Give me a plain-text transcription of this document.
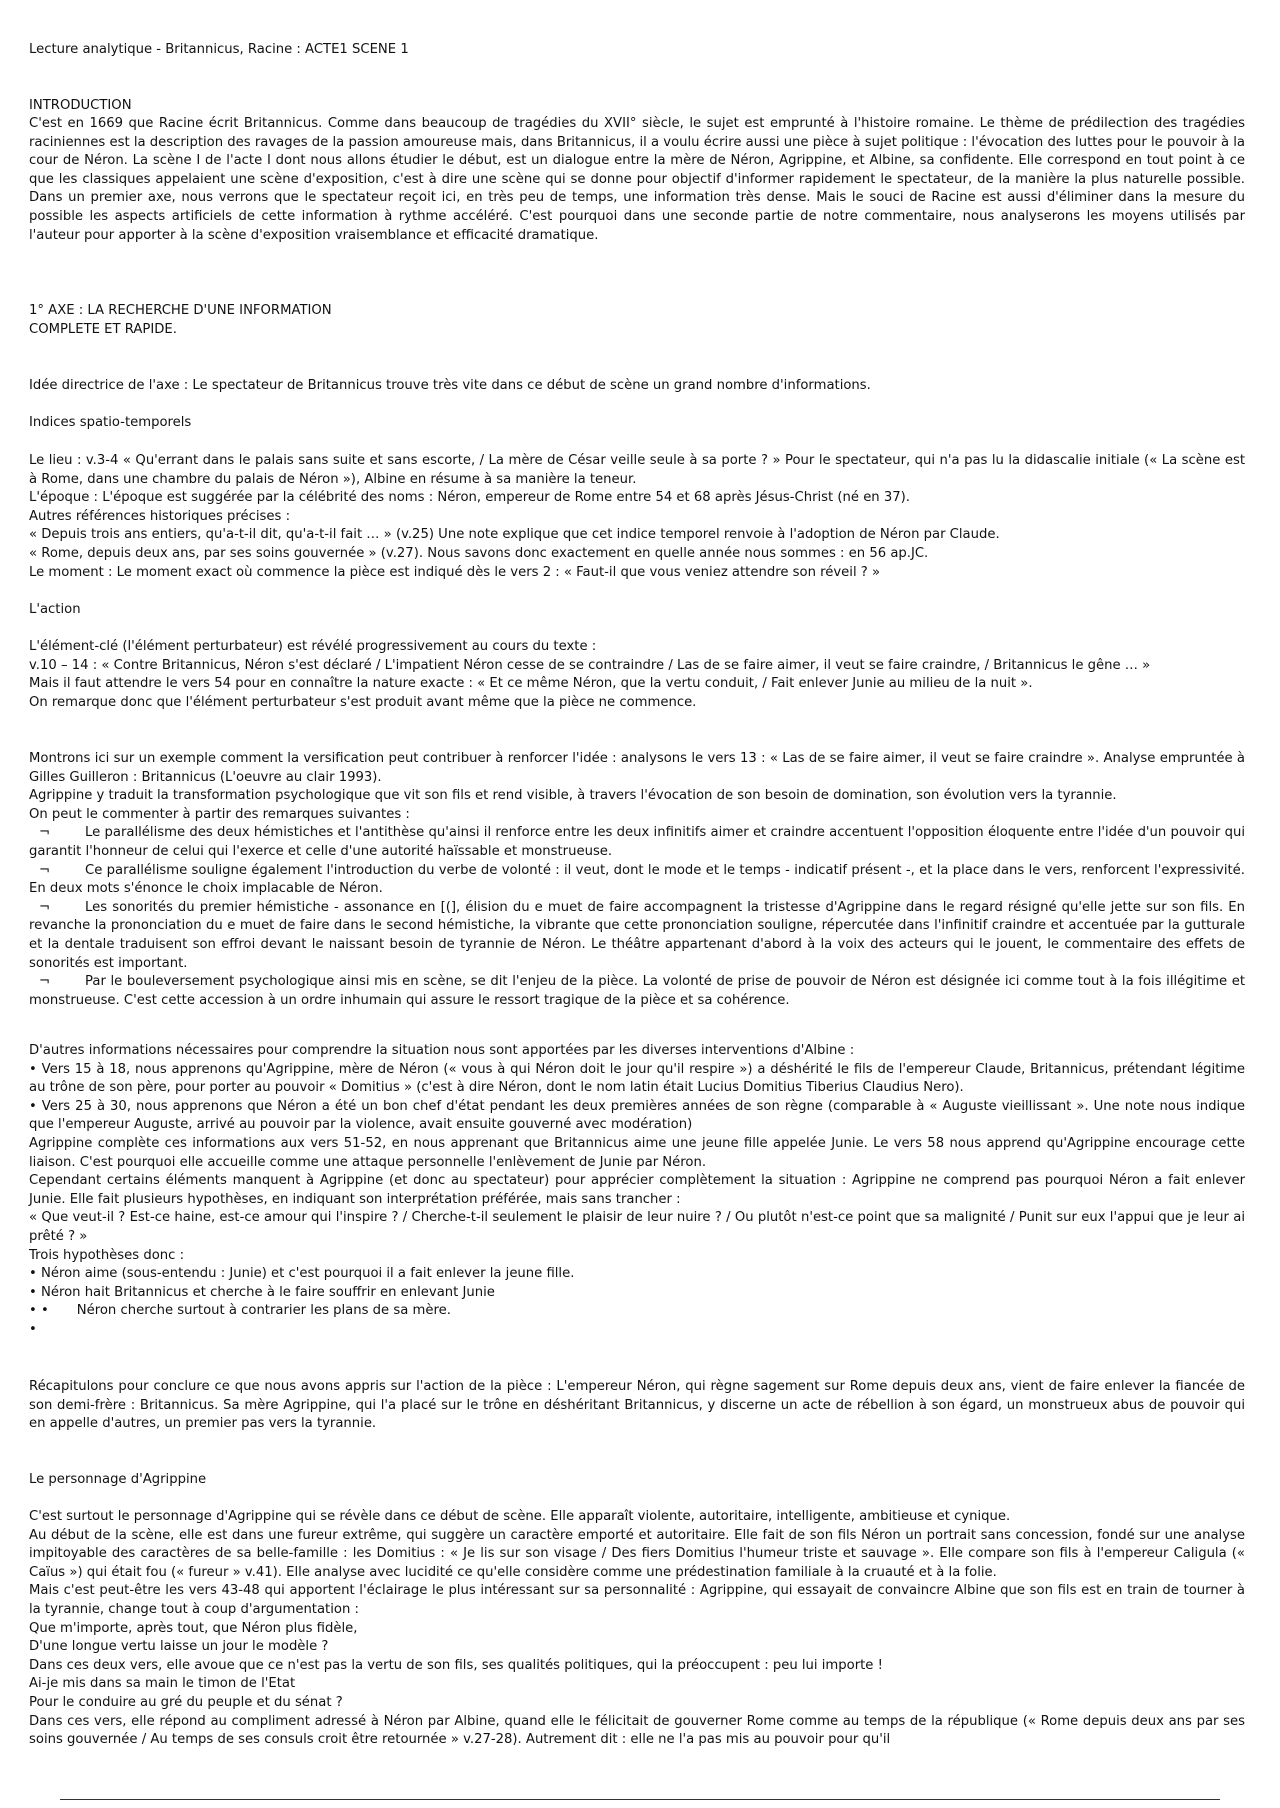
Lecture analytique - Britannicus, Racine : ACTE1 SCENE 1

INTRODUCTION

C'est en 1669 que Racine écrit Britannicus. Comme dans beaucoup de tragédies du XVII° siècle, le sujet est emprunté à l'histoire romaine. Le thème de prédilection des tragédies raciniennes est la description des ravages de la passion amoureuse mais, dans Britannicus, il a voulu écrire aussi une pièce à sujet politique : l'évocation des luttes pour le pouvoir à la cour de Néron. La scène I de l'acte I dont nous allons étudier le début, est un dialogue entre la mère de Néron, Agrippine, et Albine, sa confidente. Elle correspond en tout point à ce que les classiques appelaient une scène d'exposition, c'est à dire une scène qui se donne pour objectif d'informer rapidement le spectateur, de la manière la plus naturelle possible. Dans un premier axe, nous verrons que le spectateur reçoit ici, en très peu de temps, une information très dense. Mais le souci de Racine est aussi d'éliminer dans la mesure du possible les aspects artificiels de cette information à rythme accéléré. C'est pourquoi dans une seconde partie de notre commentaire, nous analyserons les moyens utilisés par l'auteur pour apporter à la scène d'exposition vraisemblance et efficacité dramatique.

1° AXE : LA RECHERCHE D'UNE INFORMATION
COMPLETE ET RAPIDE.

Idée directrice de l'axe : Le spectateur de Britannicus trouve très vite dans ce début de scène un grand nombre d'informations.

Indices spatio-temporels

Le lieu : v.3-4 « Qu'errant dans le palais sans suite et sans escorte, / La mère de César veille seule à sa porte ? » Pour le spectateur, qui n'a pas lu la didascalie initiale (« La scène est à Rome, dans une chambre du palais de Néron »), Albine en résume à sa manière la teneur.
L'époque : L'époque est suggérée par la célébrité des noms : Néron, empereur de Rome entre 54 et 68 après Jésus-Christ (né en 37).
Autres références historiques précises :
« Depuis trois ans entiers, qu'a-t-il dit, qu'a-t-il fait … » (v.25) Une note explique que cet indice temporel renvoie à l'adoption de Néron par Claude.
« Rome, depuis deux ans, par ses soins gouvernée » (v.27). Nous savons donc exactement en quelle année nous sommes : en 56 ap.JC.
Le moment : Le moment exact où commence la pièce est indiqué dès le vers 2 : « Faut-il que vous veniez attendre son réveil ? »

L'action

L'élément-clé (l'élément perturbateur) est révélé progressivement au cours du texte :
v.10 – 14 : « Contre Britannicus, Néron s'est déclaré / L'impatient Néron cesse de se contraindre / Las de se faire aimer, il veut se faire craindre, / Britannicus le gêne … »
Mais il faut attendre le vers 54 pour en connaître la nature exacte : « Et ce même Néron, que la vertu conduit, / Fait enlever Junie au milieu de la nuit ».
On remarque donc que l'élément perturbateur s'est produit avant même que la pièce ne commence.
Montrons ici sur un exemple comment la versification peut contribuer à renforcer l'idée : analysons le vers 13 : « Las de se faire aimer, il veut se faire craindre ». Analyse empruntée à Gilles Guilleron : Britannicus (L'oeuvre au clair 1993).
Agrippine y traduit la transformation psychologique que vit son fils et rend visible, à travers l'évocation de son besoin de domination, son évolution vers la tyrannie.
On peut le commenter à partir des remarques suivantes :
¬	Le parallélisme des deux hémistiches et l'antithèse qu'ainsi il renforce entre les deux infinitifs aimer et craindre accentuent l'opposition éloquente entre l'idée d'un pouvoir qui garantit l'honneur de celui qui l'exerce et celle d'une autorité haïssable et monstrueuse.
¬	Ce parallélisme souligne également l'introduction du verbe de volonté : il veut, dont le mode et le temps - indicatif présent -, et la place dans le vers, renforcent l'expressivité. En deux mots s'énonce le choix implacable de Néron.
¬	Les sonorités du premier hémistiche - assonance en [(], élision du e muet de faire accompagnent la tristesse d'Agrippine dans le regard résigné qu'elle jette sur son fils. En revanche la prononciation du e muet de faire dans le second hémistiche, la vibrante que cette prononciation souligne, répercutée dans l'infinitif craindre et accentuée par la gutturale et la dentale traduisent son effroi devant le naissant besoin de tyrannie de Néron. Le théâtre appartenant d'abord à la voix des acteurs qui le jouent, le commentaire des effets de sonorités est important.
¬	Par le bouleversement psychologique ainsi mis en scène, se dit l'enjeu de la pièce. La volonté de prise de pouvoir de Néron est désignée ici comme tout à la fois illégitime et monstrueuse. C'est cette accession à un ordre inhumain qui assure le ressort tragique de la pièce et sa cohérence.
D'autres informations nécessaires pour comprendre la situation nous sont apportées par les diverses interventions d'Albine :
• Vers 15 à 18, nous apprenons qu'Agrippine, mère de Néron (« vous à qui Néron doit le jour qu'il respire ») a déshérité le fils de l'empereur Claude, Britannicus, prétendant légitime au trône de son père, pour porter au pouvoir « Domitius » (c'est à dire Néron, dont le nom latin était Lucius Domitius Tiberius Claudius Nero).
• Vers 25 à 30, nous apprenons que Néron a été un bon chef d'état pendant les deux premières années de son règne (comparable à « Auguste vieillissant ». Une note nous indique que l'empereur Auguste, arrivé au pouvoir par la violence, avait ensuite gouverné avec modération)
Agrippine complète ces informations aux vers 51-52, en nous apprenant que Britannicus aime une jeune fille appelée Junie. Le vers 58 nous apprend qu'Agrippine encourage cette liaison. C'est pourquoi elle accueille comme une attaque personnelle l'enlèvement de Junie par Néron.
Cependant certains éléments manquent à Agrippine (et donc au spectateur) pour apprécier complètement la situation : Agrippine ne comprend pas pourquoi Néron a fait enlever Junie. Elle fait plusieurs hypothèses, en indiquant son interprétation préférée, mais sans trancher :
« Que veut-il ? Est-ce haine, est-ce amour qui l'inspire ? / Cherche-t-il seulement le plaisir de leur nuire ? / Ou plutôt n'est-ce point que sa malignité / Punit sur eux l'appui que je leur ai prêté ? »
Trois hypothèses donc :
• Néron aime (sous-entendu : Junie) et c'est pourquoi il a fait enlever la jeune fille.
• Néron hait Britannicus et cherche à le faire souffrir en enlevant Junie
• • Néron cherche surtout à contrarier les plans de sa mère.
•

Récapitulons pour conclure ce que nous avons appris sur l'action de la pièce : L'empereur Néron, qui règne sagement sur Rome depuis deux ans, vient de faire enlever la fiancée de son demi-frère : Britannicus. Sa mère Agrippine, qui l'a placé sur le trône en déshéritant Britannicus, y discerne un acte de rébellion à son égard, un monstrueux abus de pouvoir qui en appelle d'autres, un premier pas vers la tyrannie.

Le personnage d'Agrippine

C'est surtout le personnage d'Agrippine qui se révèle dans ce début de scène. Elle apparaît violente, autoritaire, intelligente, ambitieuse et cynique.
Au début de la scène, elle est dans une fureur extrême, qui suggère un caractère emporté et autoritaire. Elle fait de son fils Néron un portrait sans concession, fondé sur une analyse impitoyable des caractères de sa belle-famille : les Domitius : « Je lis sur son visage / Des fiers Domitius l'humeur triste et sauvage ». Elle compare son fils à l'empereur Caligula (« Caïus ») qui était fou (« fureur » v.41). Elle analyse avec lucidité ce qu'elle considère comme une prédestination familiale à la cruauté et à la folie.
Mais c'est peut-être les vers 43-48 qui apportent l'éclairage le plus intéressant sur sa personnalité : Agrippine, qui essayait de convaincre Albine que son fils est en train de tourner à la tyrannie, change tout à coup d'argumentation :
Que m'importe, après tout, que Néron plus fidèle,
D'une longue vertu laisse un jour le modèle ?
Dans ces deux vers, elle avoue que ce n'est pas la vertu de son fils, ses qualités politiques, qui la préoccupent : peu lui importe !
Ai-je mis dans sa main le timon de l'Etat
Pour le conduire au gré du peuple et du sénat ?
Dans ces vers, elle répond au compliment adressé à Néron par Albine, quand elle le félicitait de gouverner Rome comme au temps de la république (« Rome depuis deux ans par ses soins gouvernée / Au temps de ses consuls croit être retournée » v.27-28). Autrement dit : elle ne l'a pas mis au pouvoir pour qu'il
